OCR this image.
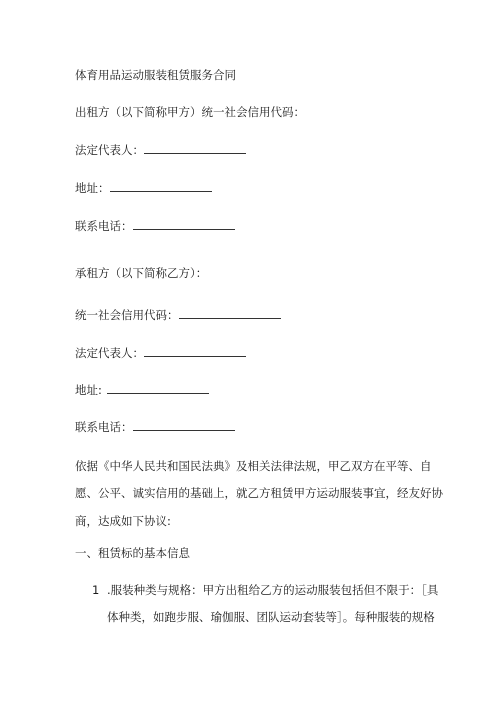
体育用品运动服装租赁服务合同
出租方（以下简称甲方）统一社会信用代码：
法定代表人：
地址：
联系电话：
承租方（以下简称乙方）：
统一社会信用代码：
法定代表人：
地址:
联系电话：
依据《中华人民共和国民法典》及相关法律法规，甲乙双方在平等、自
愿、公平、诚实信用的基础上，就乙方租赁甲方运动服装事宜，经友好协
商，达成如下协议:
一、租赁标的基本信息
1 .服装种类与规格：甲方出租给乙方的运动服装包括但不限于：［具
体种类，如跑步服、瑜伽服、团队运动套装等］。每种服装的规格
